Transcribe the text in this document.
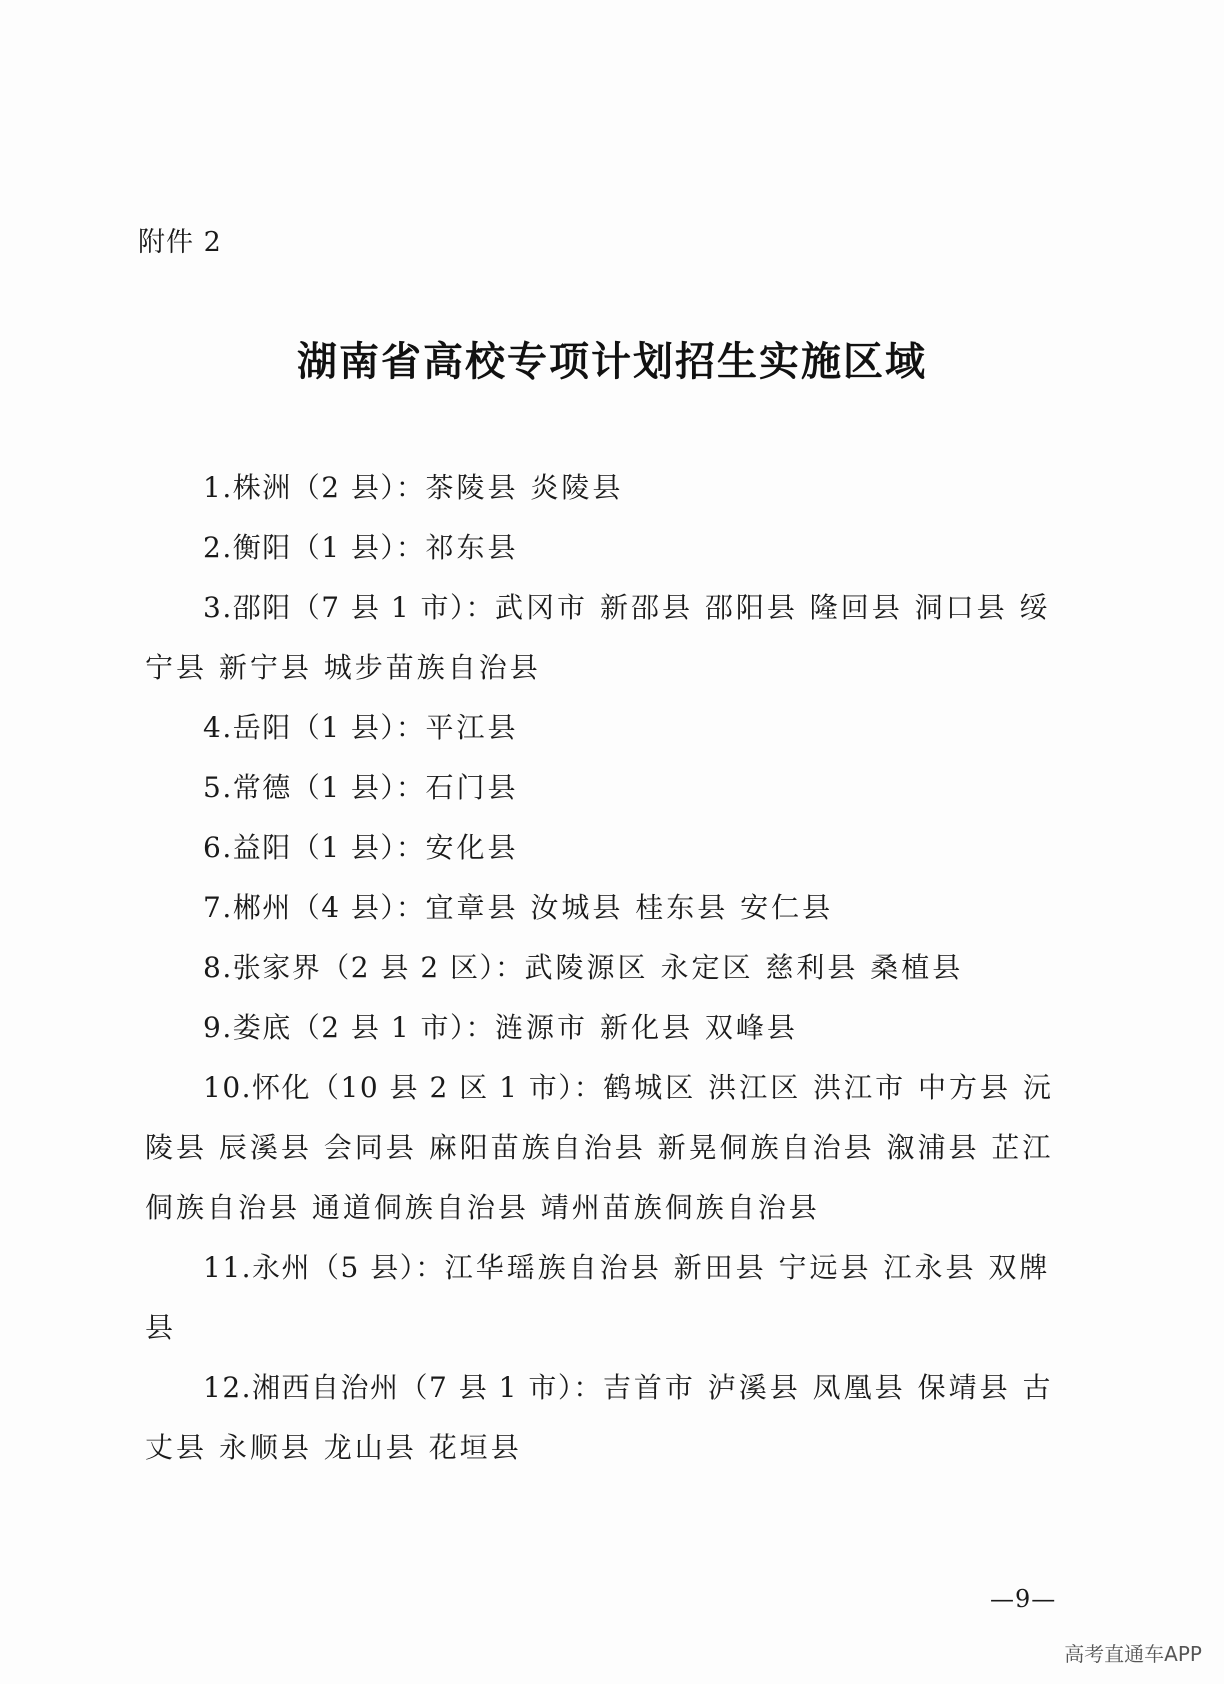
附件 2
湖南省高校专项计划招生实施区域

1.株洲（2 县）：茶陵县 炎陵县

2.衡阳（1 县）：祁东县

3.邵阳（7 县 1 市）：武冈市 新邵县 邵阳县 隆回县 洞口县 绥宁县 新宁县 城步苗族自治县

4.岳阳（1 县）：平江县

5.常德（1 县）：石门县

6.益阳（1 县）：安化县

7.郴州（4 县）：宜章县 汝城县 桂东县 安仁县

8.张家界（2 县 2 区）：武陵源区 永定区 慈利县 桑植县

9.娄底（2 县 1 市）：涟源市 新化县 双峰县

10.怀化（10 县 2 区 1 市）：鹤城区 洪江区 洪江市 中方县 沅陵县 辰溪县 会同县 麻阳苗族自治县 新晃侗族自治县 溆浦县 芷江侗族自治县 通道侗族自治县 靖州苗族侗族自治县

11.永州（5 县）：江华瑶族自治县 新田县 宁远县 江永县 双牌县

12.湘西自治州（7 县 1 市）：吉首市 泸溪县 凤凰县 保靖县 古丈县 永顺县 龙山县 花垣县

—9—
高考直通车APP
